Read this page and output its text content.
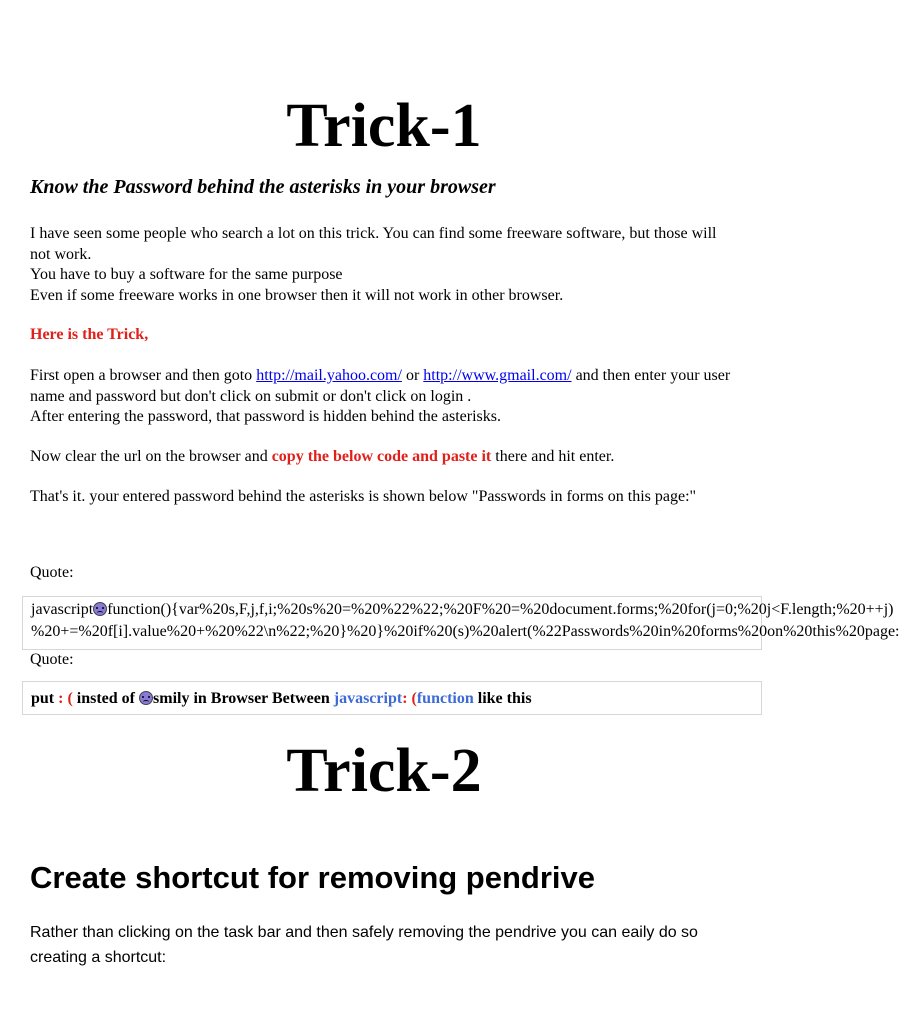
Trick-1
Know the Password behind the asterisks in your browser
I have seen some people who search a lot on this trick. You can find some freeware software, but those will not work.
You have to buy a software for the same purpose
Even if some freeware works in one browser then it will not work in other browser.
Here is the Trick,
First open a browser and then goto http://mail.yahoo.com/ or http://www.gmail.com/ and then enter your user name and password but don't click on submit or don't click on login .
After entering the password, that password is hidden behind the asterisks.
Now clear the url on the browser and copy the below code and paste it there and hit enter.
That's it. your entered password behind the asterisks is shown below "Passwords in forms on this page:"
Quote:
javascript function(){var%20s,F,j,f,i;%20s%20=%20%22%22;%20F%20=%20document.forms;%20for(j=0;%20j<F.length;%20++j)
%20+=%20f[i].value%20+%20%22\n%22;%20}%20}%20if%20(s)%20alert(%22Passwords%20in%20forms%20on%20this%20page:
Quote:
put : ( insted of smily in Browser Between javascript: (function like this
Trick-2
Create shortcut for removing pendrive
Rather than clicking on the task bar and then safely removing the pendrive you can eaily do so creating a shortcut:
